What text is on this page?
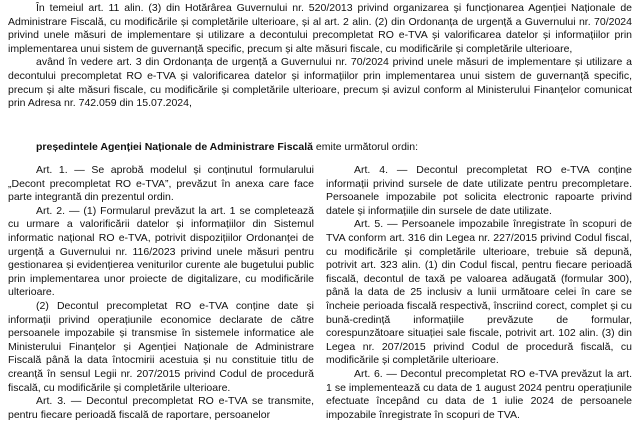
În temeiul art. 11 alin. (3) din Hotărârea Guvernului nr. 520/2013 privind organizarea și funcționarea Agenției Naționale de Administrare Fiscală, cu modificările și completările ulterioare, și al art. 2 alin. (2) din Ordonanța de urgență a Guvernului nr. 70/2024 privind unele măsuri de implementare și utilizare a decontului precompletat RO e-TVA și valorificarea datelor și informațiilor prin implementarea unui sistem de guvernanță specific, precum și alte măsuri fiscale, cu modificările și completările ulterioare,

având în vedere art. 3 din Ordonanța de urgență a Guvernului nr. 70/2024 privind unele măsuri de implementare și utilizare a decontului precompletat RO e-TVA și valorificarea datelor și informațiilor prin implementarea unui sistem de guvernanță specific, precum și alte măsuri fiscale, cu modificările și completările ulterioare, precum și avizul conform al Ministerului Finanțelor comunicat prin Adresa nr. 742.059 din 15.07.2024,

președintele Agenției Naționale de Administrare Fiscală emite următorul ordin:

Art. 1. — Se aprobă modelul și conținutul formularului „Decont precompletat RO e-TVA”, prevăzut în anexa care face parte integrantă din prezentul ordin.

Art. 2. — (1) Formularul prevăzut la art. 1 se completează cu urmare a valorificării datelor și informațiilor din Sistemul informatic național RO e-TVA, potrivit dispozițiilor Ordonanței de urgență a Guvernului nr. 116/2023 privind unele măsuri pentru gestionarea și evidențierea veniturilor curente ale bugetului public prin implementarea unor proiecte de digitalizare, cu modificările ulterioare.

(2) Decontul precompletat RO e-TVA conține date și informații privind operațiunile economice declarate de către persoanele impozabile și transmise în sistemele informatice ale Ministerului Finanțelor și Agenției Naționale de Administrare Fiscală până la data întocmirii acestuia și nu constituie titlu de creanță în sensul Legii nr. 207/2015 privind Codul de procedură fiscală, cu modificările și completările ulterioare.

Art. 3. — Decontul precompletat RO e-TVA se transmite, pentru fiecare perioadă fiscală de raportare, persoanelor

Art. 4. — Decontul precompletat RO e-TVA conține informații privind sursele de date utilizate pentru precompletare. Persoanele impozabile pot solicita electronic rapoarte privind datele și informațiile din sursele de date utilizate.

Art. 5. — Persoanele impozabile înregistrate în scopuri de TVA conform art. 316 din Legea nr. 227/2015 privind Codul fiscal, cu modificările și completările ulterioare, trebuie să depună, potrivit art. 323 alin. (1) din Codul fiscal, pentru fiecare perioadă fiscală, decontul de taxă pe valoarea adăugată (formular 300), până la data de 25 inclusiv a lunii următoare celei în care se încheie perioada fiscală respectivă, înscriind corect, complet și cu bună-credință informațiile prevăzute de formular, corespunzătoare situației sale fiscale, potrivit art. 102 alin. (3) din Legea nr. 207/2015 privind Codul de procedură fiscală, cu modificările și completările ulterioare.

Art. 6. — Decontul precompletat RO e-TVA prevăzut la art. 1 se implementează cu data de 1 august 2024 pentru operațiunile efectuate începând cu data de 1 iulie 2024 de persoanele impozabile înregistrate în scopuri de TVA.
